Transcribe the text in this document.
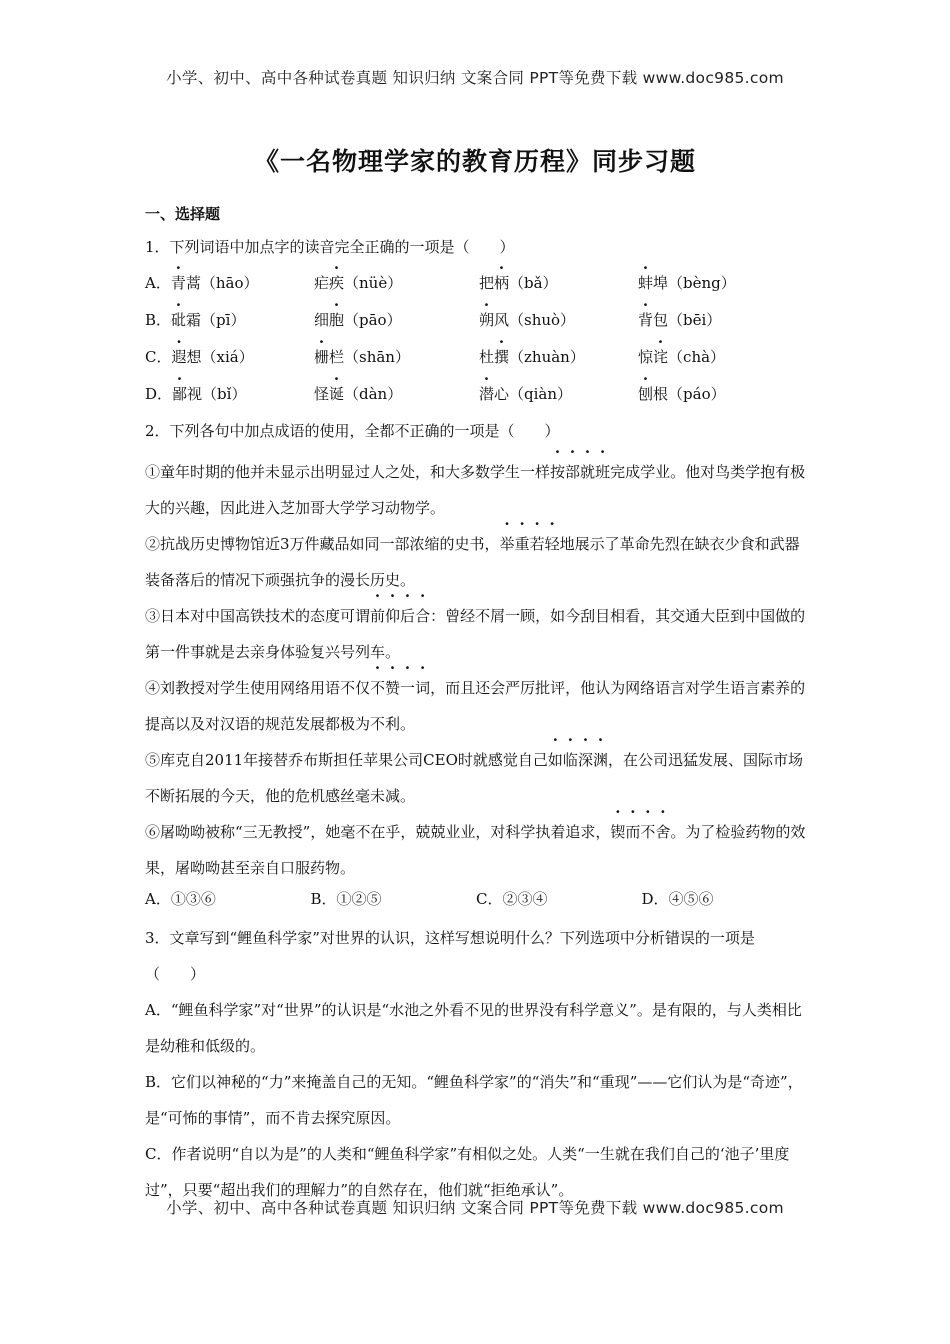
小学、初中、高中各种试卷真题 知识归纳 文案合同 PPT等免费下载 www.doc985.com
《一名物理学家的教育历程》同步习题
一、选择题
1．下列词语中加点字的读音完全正确的一项是（　　）
A．青蒿（hāo）	疟疾（nüè）	把柄（bǎ）	蚌埠（bèng）
B．砒霜（pī）	细胞（pāo）	朔风（shuò）	背包（bēi）
C．遐想（xiá）	栅栏（shān）	杜撰（zhuàn）	惊诧（chà）
D．鄙视（bǐ）	怪诞（dàn）	潜心（qiàn）	刨根（páo）
2．下列各句中加点成语的使用，全都不正确的一项是（　　）
①童年时期的他并未显示出明显过人之处，和大多数学生一样按部就班完成学业。他对鸟类学抱有极大的兴趣，因此进入芝加哥大学学习动物学。
②抗战历史博物馆近3万件藏品如同一部浓缩的史书，举重若轻地展示了革命先烈在缺衣少食和武器装备落后的情况下顽强抗争的漫长历史。
③日本对中国高铁技术的态度可谓前仰后合：曾经不屑一顾，如今刮目相看，其交通大臣到中国做的第一件事就是去亲身体验复兴号列车。
④刘教授对学生使用网络用语不仅不赞一词，而且还会严厉批评，他认为网络语言对学生语言素养的提高以及对汉语的规范发展都极为不利。
⑤库克自2011年接替乔布斯担任苹果公司CEO时就感觉自己如临深渊，在公司迅猛发展、国际市场不断拓展的今天，他的危机感丝毫未减。
⑥屠呦呦被称“三无教授”，她毫不在乎，兢兢业业，对科学执着追求，锲而不舍。为了检验药物的效果，屠呦呦甚至亲自口服药物。
A．①③⑥	B．①②⑤	C．②③④	D．④⑤⑥
3．文章写到“鲤鱼科学家”对世界的认识，这样写想说明什么？下列选项中分析错误的一项是（　　）
A．“鲤鱼科学家”对“世界”的认识是“水池之外看不见的世界没有科学意义”。是有限的，与人类相比是幼稚和低级的。
B．它们以神秘的“力”来掩盖自己的无知。“鲤鱼科学家”的“消失”和“重现”——它们认为是“奇迹”，是“可怖的事情”，而不肯去探究原因。
C．作者说明“自以为是”的人类和“鲤鱼科学家”有相似之处。人类“一生就在我们自己的‘池子’里度过”，只要“超出我们的理解力”的自然存在，他们就“拒绝承认”。
小学、初中、高中各种试卷真题 知识归纳 文案合同 PPT等免费下载 www.doc985.com
